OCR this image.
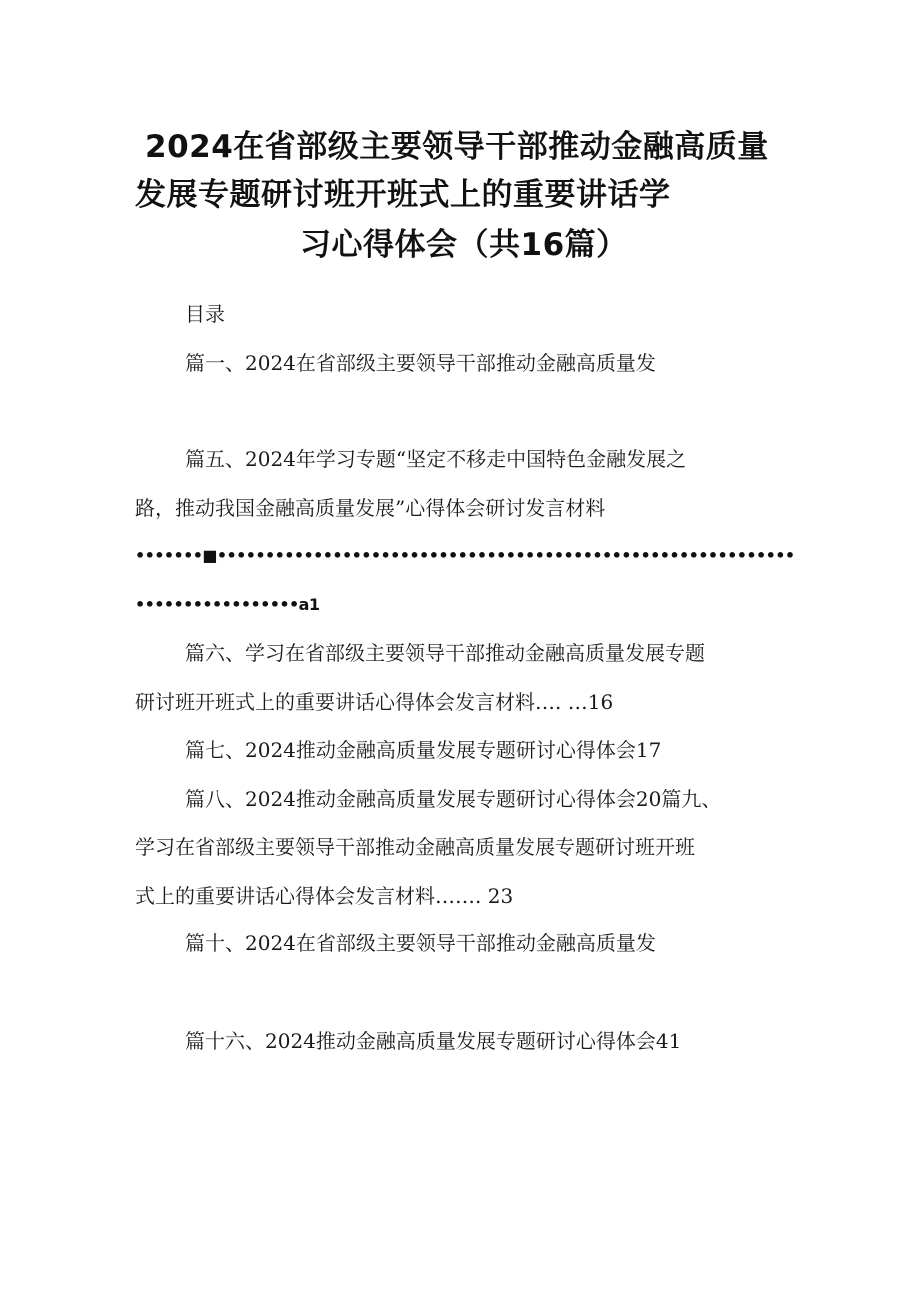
2024在省部级主要领导干部推动金融高质量
发展专题研讨班开班式上的重要讲话学
习心得体会（共16篇）
目录
篇一、2024在省部级主要领导干部推动金融高质量发
篇五、2024年学习专题“坚定不移走中国特色金融发展之
路，推动我国金融高质量发展”心得体会研讨发言材料
•••••••■••••••••••••••••••••••••••••••••••••••••••••••••••••••••••••
•••••••••••••••••a1
篇六、学习在省部级主要领导干部推动金融高质量发展专题
研讨班开班式上的重要讲话心得体会发言材料…. …16
篇七、2024推动金融高质量发展专题研讨心得体会17
篇八、2024推动金融高质量发展专题研讨心得体会20篇九、
学习在省部级主要领导干部推动金融高质量发展专题研讨班开班
式上的重要讲话心得体会发言材料……. 23
篇十、2024在省部级主要领导干部推动金融高质量发
篇十六、2024推动金融高质量发展专题研讨心得体会41
